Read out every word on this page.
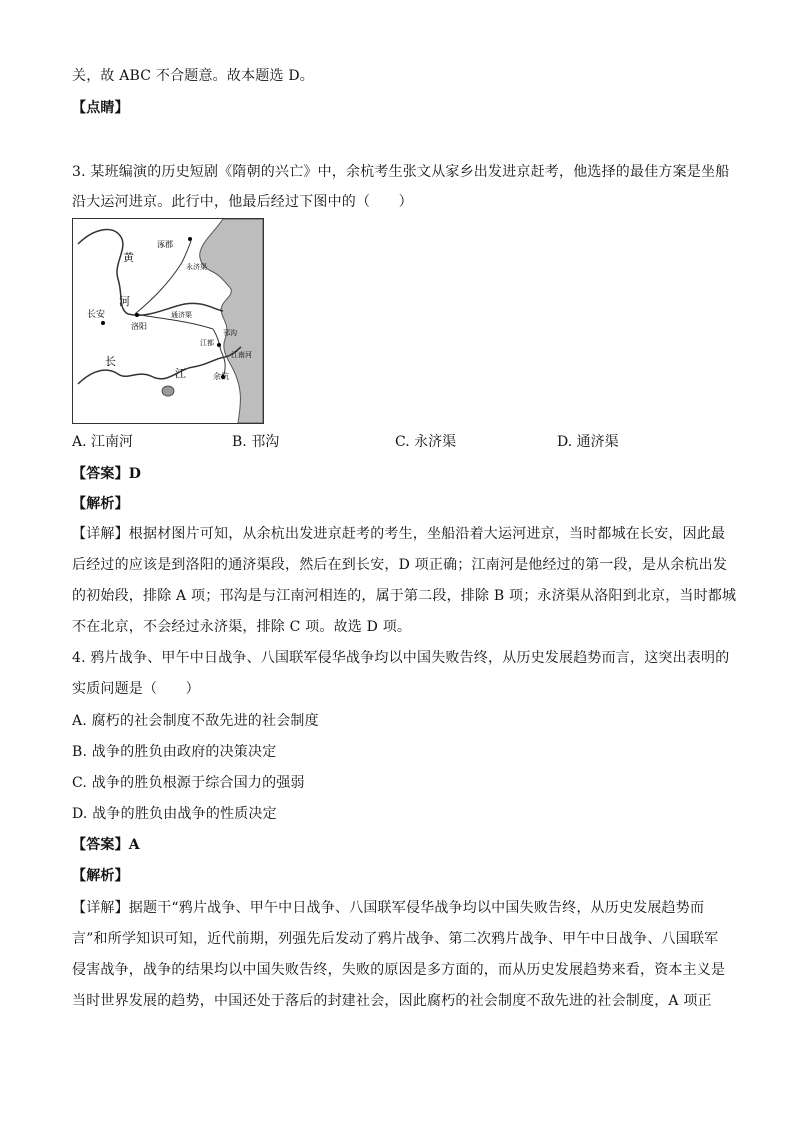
关，故 ABC 不合题意。故本题选 D。
【点睛】
3. 某班编演的历史短剧《隋朝的兴亡》中，余杭考生张文从家乡出发进京赶考，他选择的最佳方案是坐船
沿大运河进京。此行中，他最后经过下图中的（　　）
黄
河
涿郡
永济渠
长安
洛阳
通济渠
邗沟
江都
江南河
长
江	余杭
A. 江南河	B. 邗沟	C. 永济渠	D. 通济渠
【答案】D
【解析】
【详解】根据材图片可知，从余杭出发进京赶考的考生，坐船沿着大运河进京，当时都城在长安，因此最
后经过的应该是到洛阳的通济渠段，然后在到长安，D 项正确；江南河是他经过的第一段，是从余杭出发
的初始段，排除 A 项；邗沟是与江南河相连的，属于第二段，排除 B 项；永济渠从洛阳到北京，当时都城
不在北京，不会经过永济渠，排除 C 项。故选 D 项。
4. 鸦片战争、甲午中日战争、八国联军侵华战争均以中国失败告终，从历史发展趋势而言，这突出表明的
实质问题是（　　）
A. 腐朽的社会制度不敌先进的社会制度
B. 战争的胜负由政府的决策决定
C. 战争的胜负根源于综合国力的强弱
D. 战争的胜负由战争的性质决定
【答案】A
【解析】
【详解】据题干“鸦片战争、甲午中日战争、八国联军侵华战争均以中国失败告终，从历史发展趋势而
言”和所学知识可知，近代前期，列强先后发动了鸦片战争、第二次鸦片战争、甲午中日战争、八国联军
侵害战争，战争的结果均以中国失败告终，失败的原因是多方面的，而从历史发展趋势来看，资本主义是
当时世界发展的趋势，中国还处于落后的封建社会，因此腐朽的社会制度不敌先进的社会制度，A 项正
